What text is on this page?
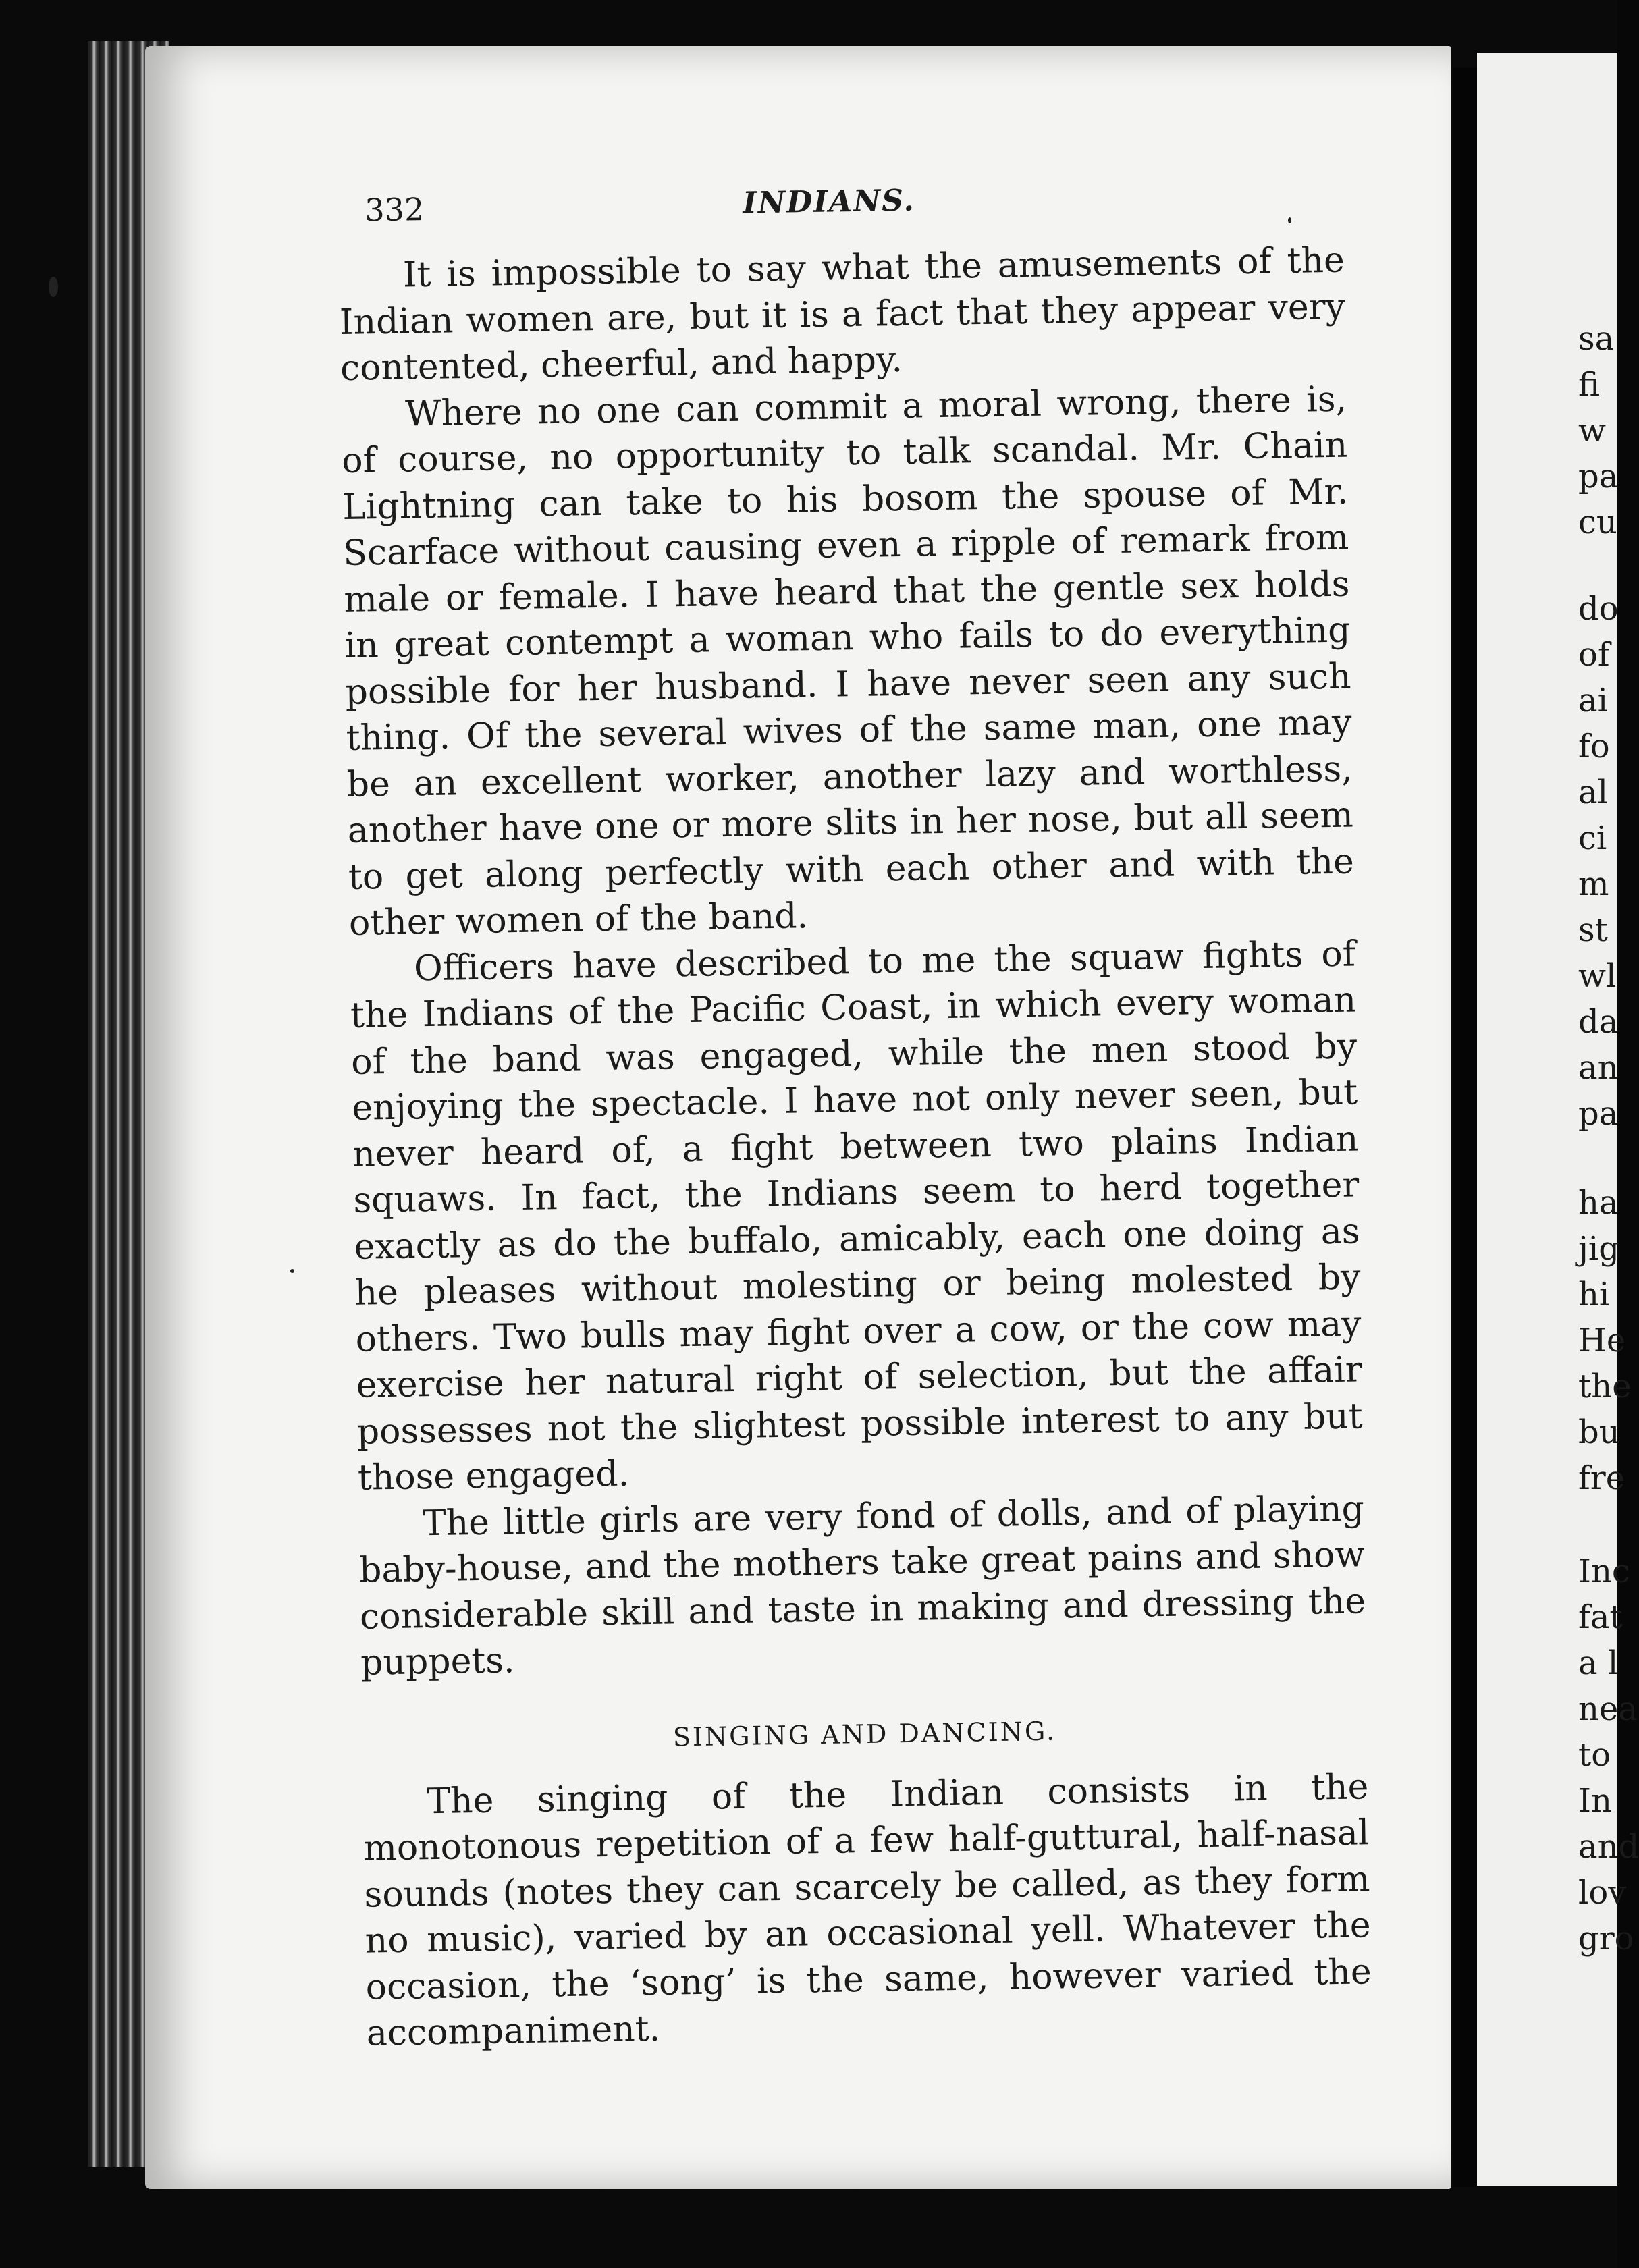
sa
fi
w
pa
cu
do
of
ai
fo
al
ci
m
st
wl
da
an
pa
ha
jig
hi
He
the
bu
fre
Inc
fat
a l
nea
to
In
and
lov
gro
332	INDIANS.

It is impossible to say what the amusements of the Indian women are, but it is a fact that they appear very contented, cheerful, and happy.

Where no one can commit a moral wrong, there is, of course, no opportunity to talk scandal. Mr. Chain Lightning can take to his bosom the spouse of Mr. Scarface without causing even a ripple of remark from male or female. I have heard that the gentle sex holds in great contempt a woman who fails to do everything possible for her husband. I have never seen any such thing. Of the several wives of the same man, one may be an excellent worker, another lazy and worthless, another have one or more slits in her nose, but all seem to get along perfectly with each other and with the other women of the band.

Officers have described to me the squaw fights of the Indians of the Pacific Coast, in which every woman of the band was engaged, while the men stood by enjoying the spectacle. I have not only never seen, but never heard of, a fight between two plains Indian squaws. In fact, the Indians seem to herd together exactly as do the buffalo, amicably, each one doing as he pleases without molesting or being molested by others. Two bulls may fight over a cow, or the cow may exercise her natural right of selection, but the affair possesses not the slightest possible interest to any but those engaged.

The little girls are very fond of dolls, and of playing baby-house, and the mothers take great pains and show considerable skill and taste in making and dressing the puppets.

SINGING AND DANCING.

The singing of the Indian consists in the monotonous repetition of a few half-guttural, half-nasal sounds (notes they can scarcely be called, as they form no music), varied by an occasional yell. Whatever the occasion, the ‘song’ is the same, however varied the accompaniment.
